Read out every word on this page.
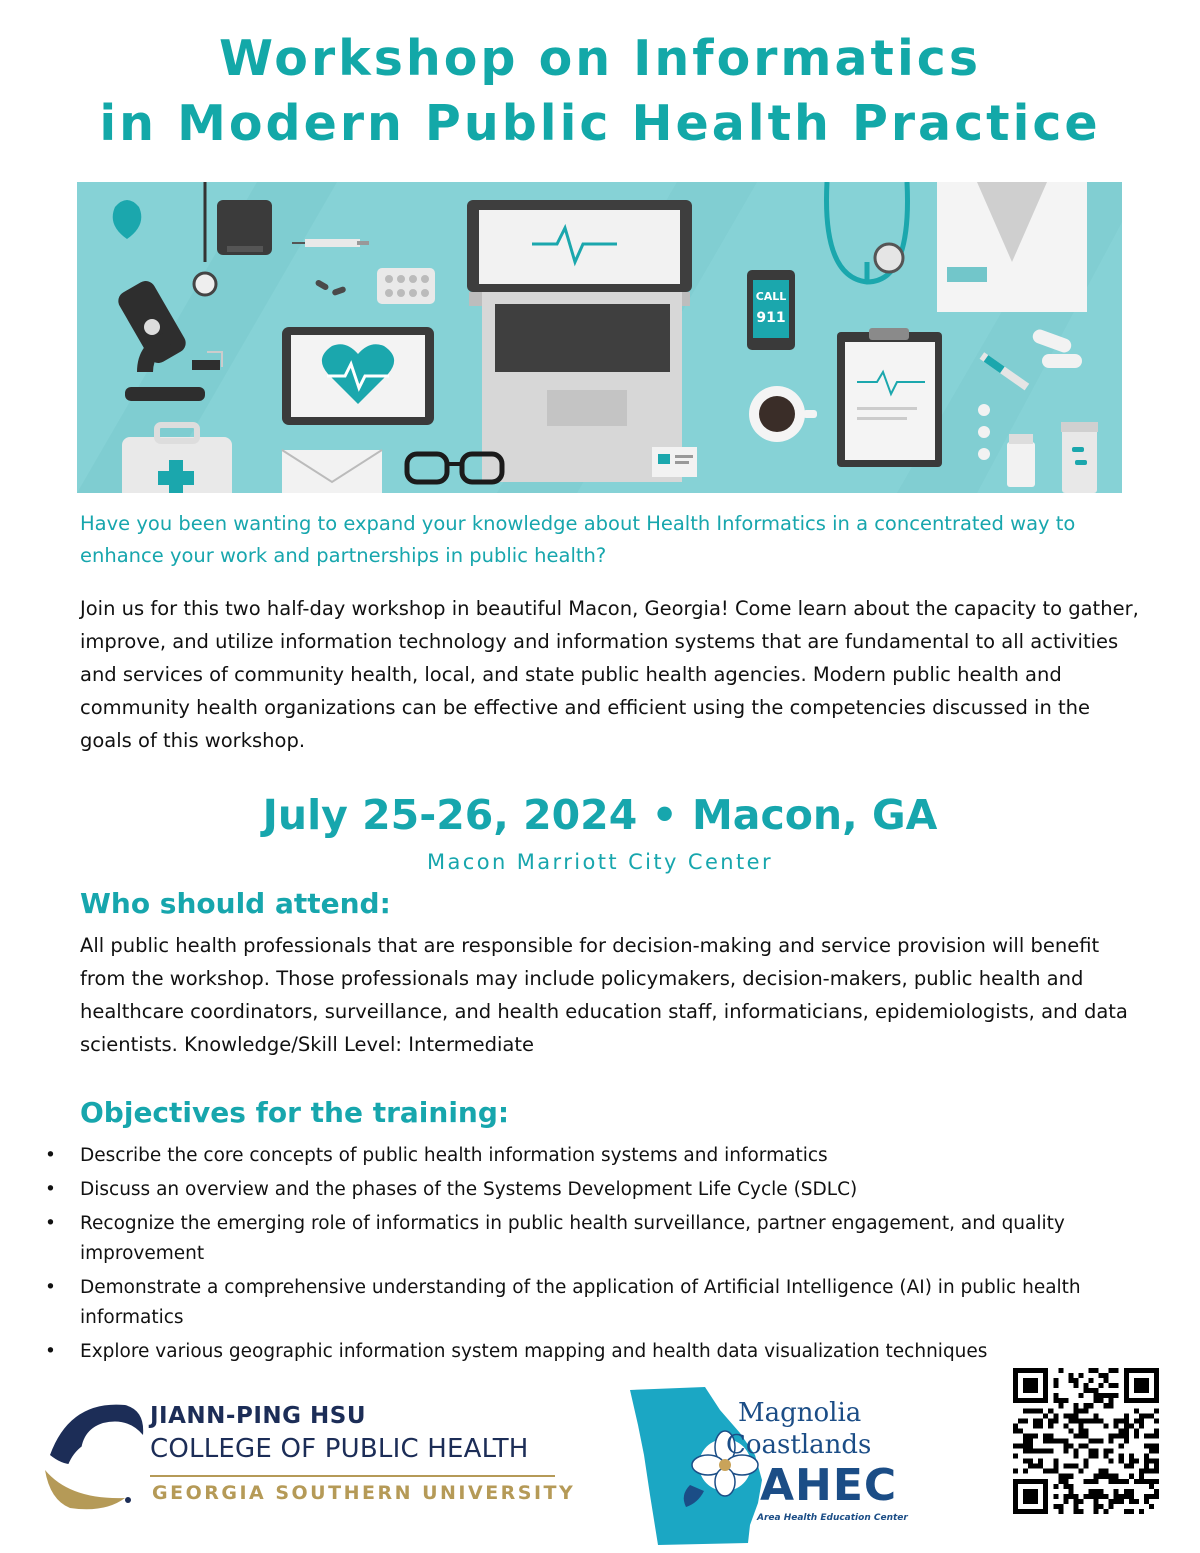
Workshop on Informatics
in Modern Public Health Practice
CALL
911

Have you been wanting to expand your knowledge about Health Informatics in a concentrated way to enhance your work and partnerships in public health?

Join us for this two half-day workshop in beautiful Macon, Georgia! Come learn about the capacity to gather, improve, and utilize information technology and information systems that are fundamental to all activities and services of community health, local, and state public health agencies. Modern public health and community health organizations can be effective and efficient using the competencies discussed in the goals of this workshop.

July 25-26, 2024 • Macon, GA
Macon Marriott City Center
Who should attend:

All public health professionals that are responsible for decision-making and service provision will benefit from the workshop. Those professionals may include policymakers, decision-makers, public health and healthcare coordinators, surveillance, and health education staff, informaticians, epidemiologists, and data scientists. Knowledge/Skill Level: Intermediate

Objectives for the training:
• Describe the core concepts of public health information systems and informatics
• Discuss an overview and the phases of the Systems Development Life Cycle (SDLC)
• Recognize the emerging role of informatics in public health surveillance, partner engagement, and quality improvement
• Demonstrate a comprehensive understanding of the application of Artificial Intelligence (AI) in public health informatics
• Explore various geographic information system mapping and health data visualization techniques
JIANN-PING HSU
COLLEGE OF PUBLIC HEALTH
GEORGIA SOUTHERN UNIVERSITY
Magnolia
Coastlands
AHEC
Area Health Education Center
